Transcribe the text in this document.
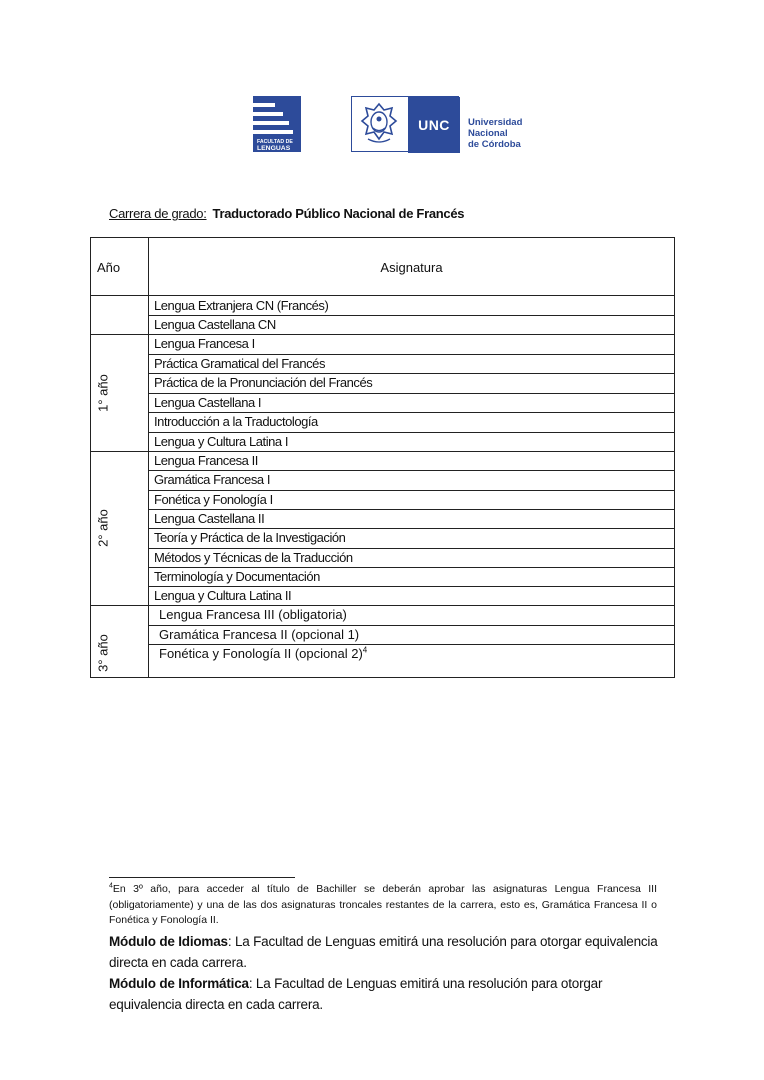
FACULTAD DE
LENGUAS
UNC	Universidad
Nacional
de Córdoba
Carrera de grado: Traductorado Público Nacional de Francés
Año	Asignatura
1° año
2° año
3° año
Lengua Extranjera CN (Francés)
Lengua Castellana CN
Lengua Francesa I
Práctica Gramatical del Francés
Práctica de la Pronunciación del Francés
Lengua Castellana I
Introducción a la Traductología
Lengua y Cultura Latina I
Lengua Francesa II
Gramática Francesa I
Fonética y Fonología I
Lengua Castellana II
Teoría y Práctica de la Investigación
Métodos y Técnicas de la Traducción
Terminología y Documentación
Lengua y Cultura Latina II
Lengua Francesa III (obligatoria)
Gramática Francesa II (opcional 1)
Fonética y Fonología II (opcional 2)$^4$
$^4$En 3º año, para acceder al título de Bachiller se deberán aprobar las asignaturas Lengua Francesa III (obligatoriamente) y una de las dos asignaturas troncales restantes de la carrera, esto es, Gramática Francesa II o Fonética y Fonología II.
Módulo de Idiomas: La Facultad de Lenguas emitirá una resolución para otorgar equivalencia directa en cada carrera.
Módulo de Informática: La Facultad de Lenguas emitirá una resolución para otorgar equivalencia directa en cada carrera.
